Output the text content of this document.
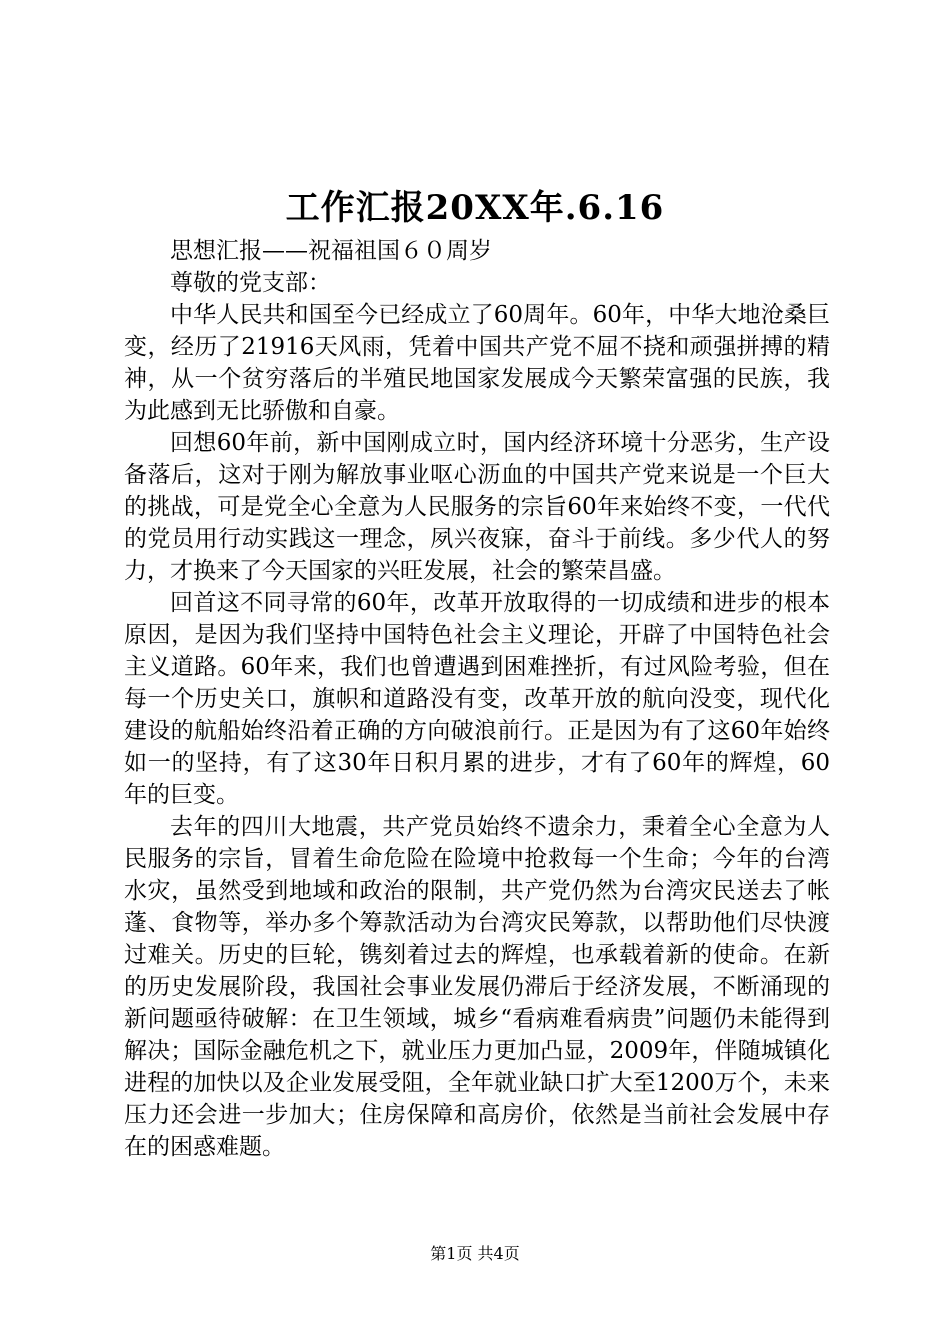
工作汇报20XX年.6.16

思想汇报——祝福祖国６０周岁

尊敬的党支部：

中华人民共和国至今已经成立了60周年。60年，中华大地沧桑巨变，经历了21916天风雨，凭着中国共产党不屈不挠和顽强拼搏的精神，从一个贫穷落后的半殖民地国家发展成今天繁荣富强的民族，我为此感到无比骄傲和自豪。

回想60年前，新中国刚成立时，国内经济环境十分恶劣，生产设备落后，这对于刚为解放事业呕心沥血的中国共产党来说是一个巨大的挑战，可是党全心全意为人民服务的宗旨60年来始终不变，一代代的党员用行动实践这一理念，夙兴夜寐，奋斗于前线。多少代人的努力，才换来了今天国家的兴旺发展，社会的繁荣昌盛。

回首这不同寻常的60年，改革开放取得的一切成绩和进步的根本原因，是因为我们坚持中国特色社会主义理论，开辟了中国特色社会主义道路。60年来，我们也曾遭遇到困难挫折，有过风险考验，但在每一个历史关口，旗帜和道路没有变，改革开放的航向没变，现代化建设的航船始终沿着正确的方向破浪前行。正是因为有了这60年始终如一的坚持，有了这30年日积月累的进步，才有了60年的辉煌，60年的巨变。

去年的四川大地震，共产党员始终不遗余力，秉着全心全意为人民服务的宗旨，冒着生命危险在险境中抢救每一个生命；今年的台湾水灾，虽然受到地域和政治的限制，共产党仍然为台湾灾民送去了帐蓬、食物等，举办多个筹款活动为台湾灾民筹款，以帮助他们尽快渡过难关。历史的巨轮，镌刻着过去的辉煌，也承载着新的使命。在新的历史发展阶段，我国社会事业发展仍滞后于经济发展，不断涌现的新问题亟待破解：在卫生领域，城乡“看病难看病贵”问题仍未能得到解决；国际金融危机之下，就业压力更加凸显，2009年，伴随城镇化进程的加快以及企业发展受阻，全年就业缺口扩大至1200万个，未来压力还会进一步加大；住房保障和高房价，依然是当前社会发展中存在的困惑难题。

第1页 共4页
